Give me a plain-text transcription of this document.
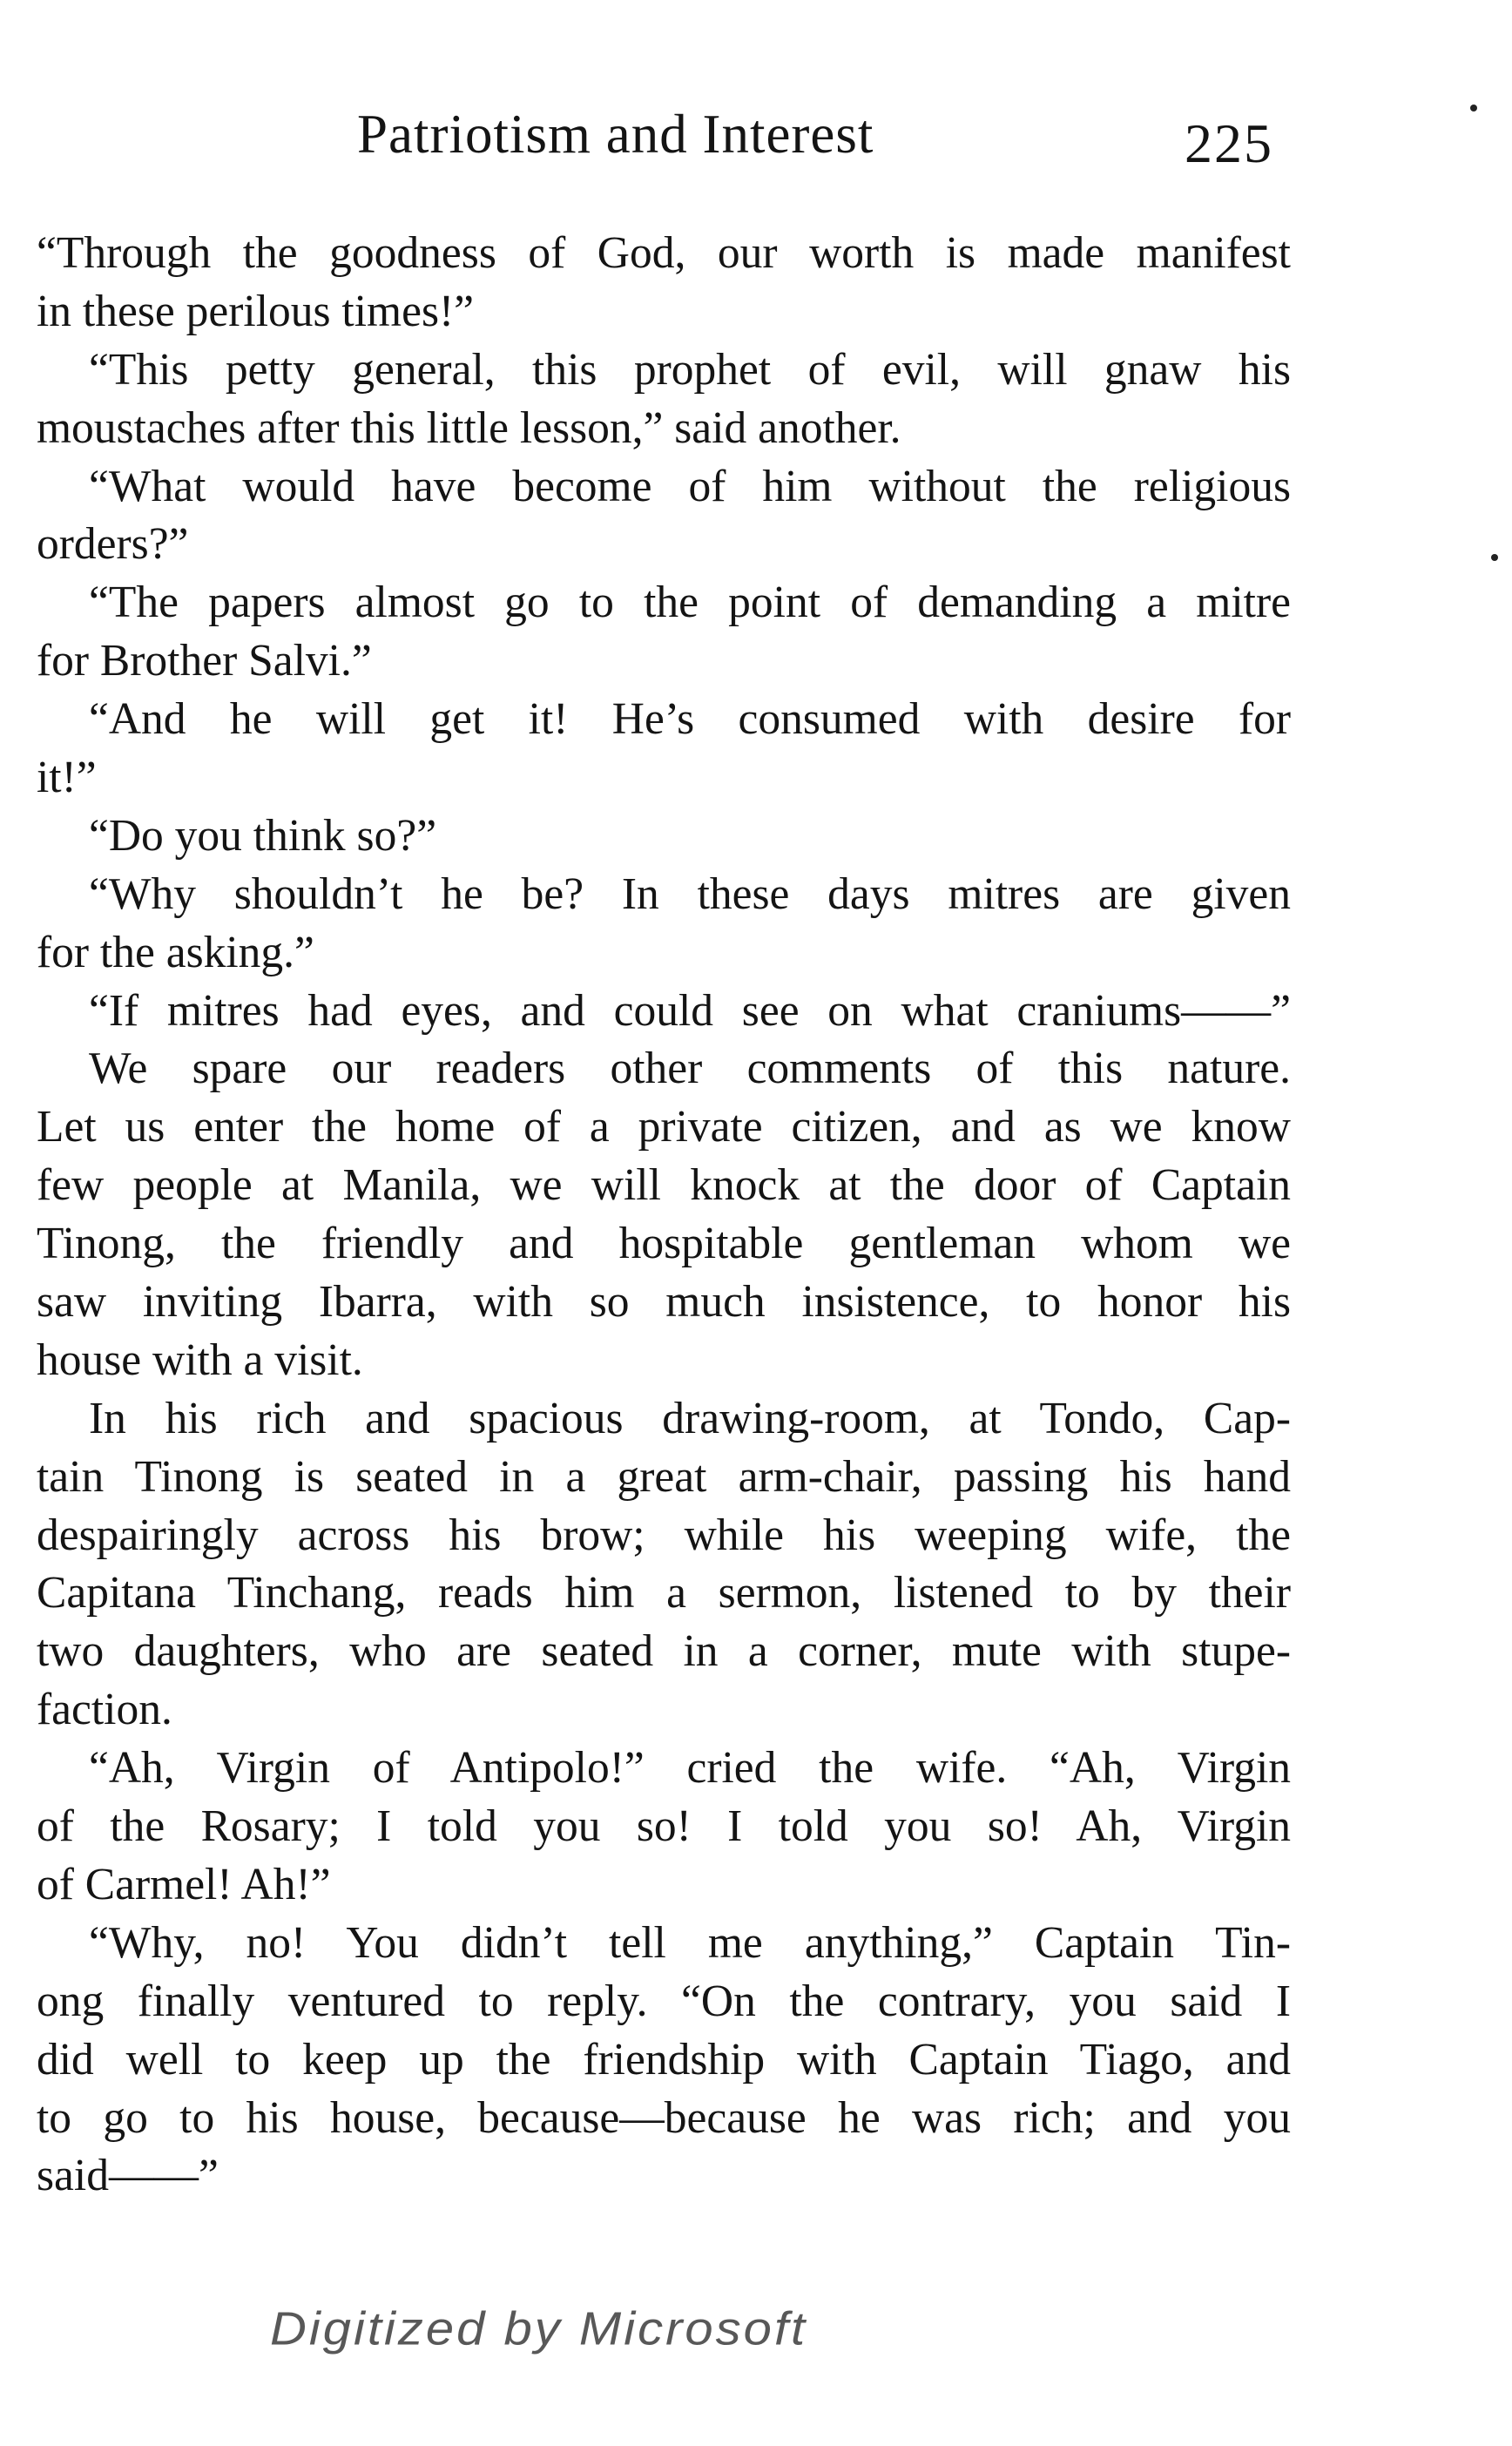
Patriotism and Interest	225
“Through the goodness of God, our worth is made manifest
in these perilous times!”
“This petty general, this prophet of evil, will gnaw his
moustaches after this little lesson,” said another.
“What would have become of him without the religious
orders?”
“The papers almost go to the point of demanding a mitre
for Brother Salvi.”
“And he will get it! He’s consumed with desire for
it!”
“Do you think so?”
“Why shouldn’t he be? In these days mitres are given
for the asking.”
“If mitres had eyes, and could see on what craniums——”
We spare our readers other comments of this nature.
Let us enter the home of a private citizen, and as we know
few people at Manila, we will knock at the door of Captain
Tinong, the friendly and hospitable gentleman whom we
saw inviting Ibarra, with so much insistence, to honor his
house with a visit.
In his rich and spacious drawing-room, at Tondo, Cap-
tain Tinong is seated in a great arm-chair, passing his hand
despairingly across his brow; while his weeping wife, the
Capitana Tinchang, reads him a sermon, listened to by their
two daughters, who are seated in a corner, mute with stupe-
faction.
“Ah, Virgin of Antipolo!” cried the wife. “Ah, Virgin
of the Rosary; I told you so! I told you so! Ah, Virgin
of Carmel! Ah!”
“Why, no! You didn’t tell me anything,” Captain Tin-
ong finally ventured to reply. “On the contrary, you said I
did well to keep up the friendship with Captain Tiago, and
to go to his house, because—because he was rich; and you
said——”
Digitized by Microsoft
